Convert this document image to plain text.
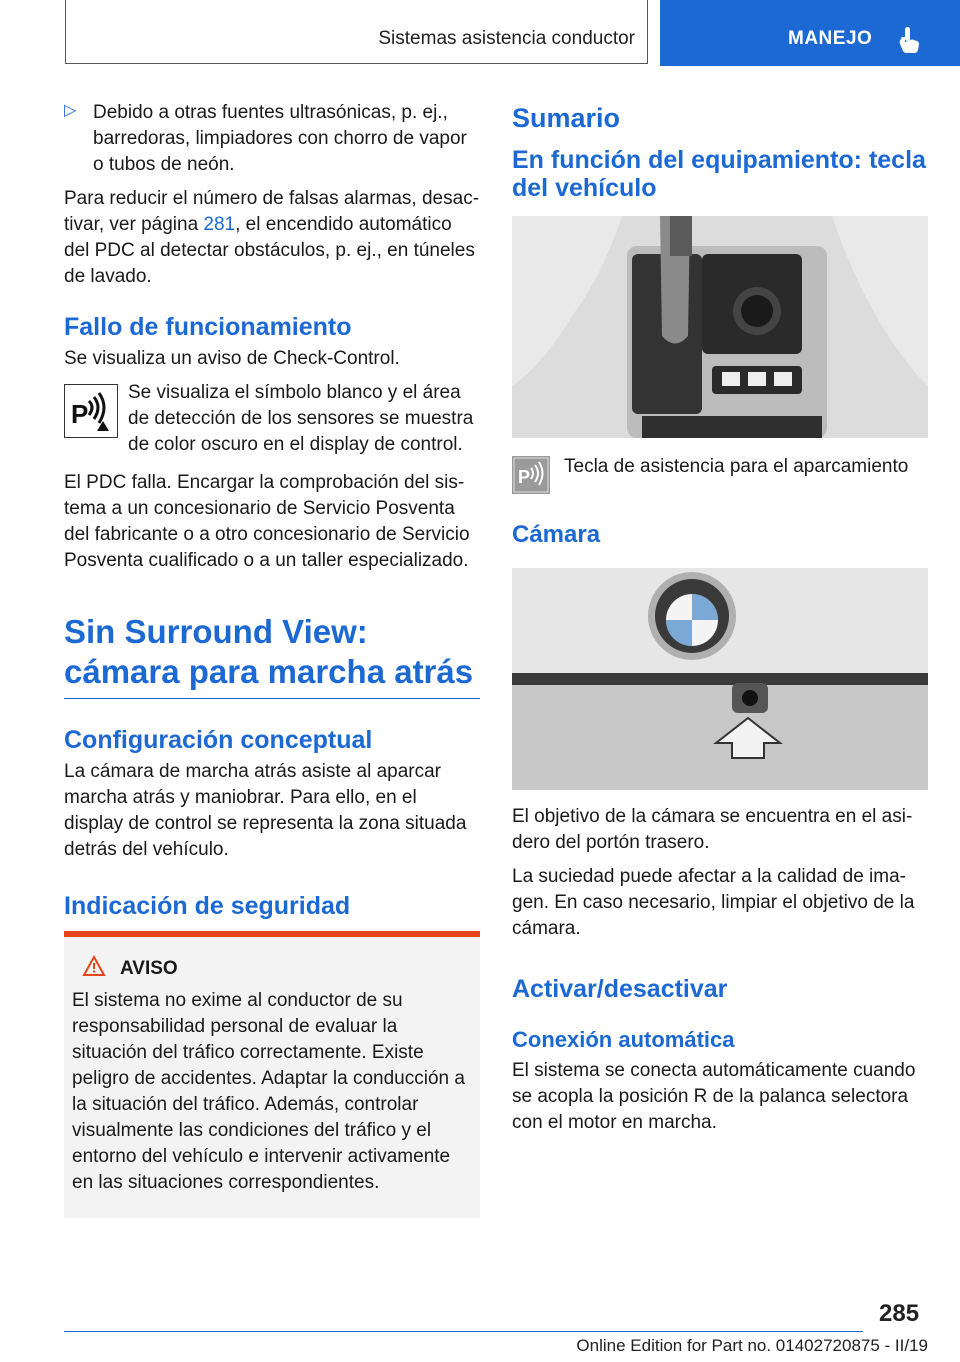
Sistemas asistencia conductor	MANEJO
▷ Debido a otras fuentes ultrasónicas, p. ej., barredoras, limpiadores con chorro de vapor o tubos de neón.

Para reducir el número de falsas alarmas, desactivar, ver página 281, el encendido automático del PDC al detectar obstáculos, p. ej., en túneles de lavado.

Fallo de funcionamiento

Se visualiza un aviso de Check-Control.

P

Se visualiza el símbolo blanco y el área de detección de los sensores se muestra de color oscuro en el display de control.

El PDC falla. Encargar la comprobación del sistema a un concesionario de Servicio Posventa del fabricante o a otro concesionario de Servicio Posventa cualificado o a un taller especializado.

Sin Surround View: cámara para marcha atrás
Configuración conceptual

La cámara de marcha atrás asiste al aparcar marcha atrás y maniobrar. Para ello, en el display de control se representa la zona situada detrás del vehículo.

Indicación de seguridad
AVISO

El sistema no exime al conductor de su responsabilidad personal de evaluar la situación del tráfico correctamente. Existe peligro de accidentes. Adaptar la conducción a la situación del tráfico. Además, controlar visualmente las condiciones del tráfico y el entorno del vehículo e intervenir activamente en las situaciones correspondientes.

Sumario
En función del equipamiento: tecla del vehículo
P Tecla de asistencia para el aparcamiento

Cámara

El objetivo de la cámara se encuentra en el asidero del portón trasero.

La suciedad puede afectar a la calidad de imagen. En caso necesario, limpiar el objetivo de la cámara.

Activar/desactivar
Conexión automática

El sistema se conecta automáticamente cuando se acopla la posición R de la palanca selectora con el motor en marcha.

285
Online Edition for Part no. 01402720875 - II/19
